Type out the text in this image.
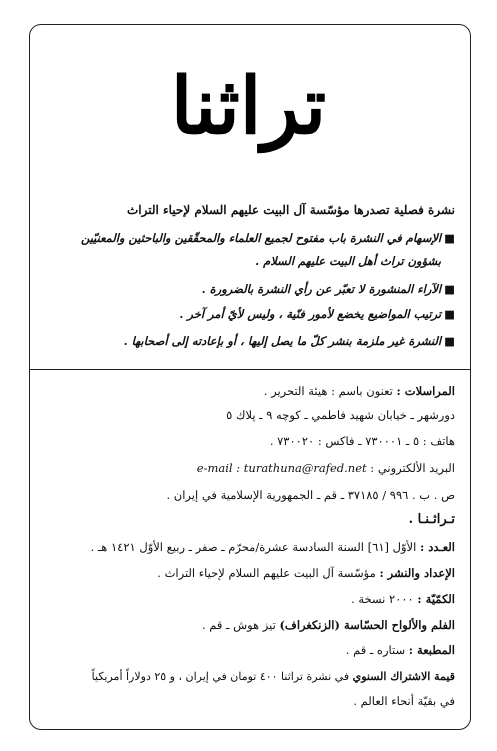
تراثنا
نشرة فصلية تصدرها مؤسّسة آل البيت عليهم السلام لإحياء التراث
■الإسهام في النشرة باب مفتوح لجميع العلماء والمحقّقين والباحثين والمعنيّين
بشؤون تراث أهل البيت عليهم السلام .
■الآراء المنشورة لا تعبّر عن رأي النشرة بالضرورة .
■ترتيب المواضيع يخضع لأمور فنّية ، وليس لأيّ أمر آخر .
■النشرة غير ملزمة بنشر كلّ ما يصل إليها ، أو بإعادته إلى أصحابها .
المراسلات : تعنون باسم : هيئة التحرير .
دورشهر ـ خيابان شهيد فاطمي ـ كوچه ٩ ـ پلاك ٥
هاتف : ٥ ـ ٧٣٠٠٠١ ـ فاكس : ٧٣٠٠٢٠ .
البريد الألكتروني : e-mail : turathuna@rafed.net
ص . ب . ٩٩٦ / ٣٧١٨٥ ـ قم ـ الجمهورية الإسلامية في إيران .
تـراثـنـا .
العـدد : الأوّل [٦١] السنة السادسة عشرة/محرّم ـ صفر ـ ربيع الأوّل ١٤٢١ هـ .
الإعداد والنشر : مؤسّسة آل البيت عليهم السلام لإحياء التراث .
الكمّيّة : ٢٠٠٠ نسخة .
الفلم والألواح الحسّاسة (الزنكغراف) تيز هوش ـ قم .
المطبعة : ستاره ـ قم .
قيمة الاشتراك السنوي في نشرة تراثنا ٤٠٠ تومان في إيران ، و ٢٥ دولاراً أمريكياً
في بقيّة أنحاء العالم .
